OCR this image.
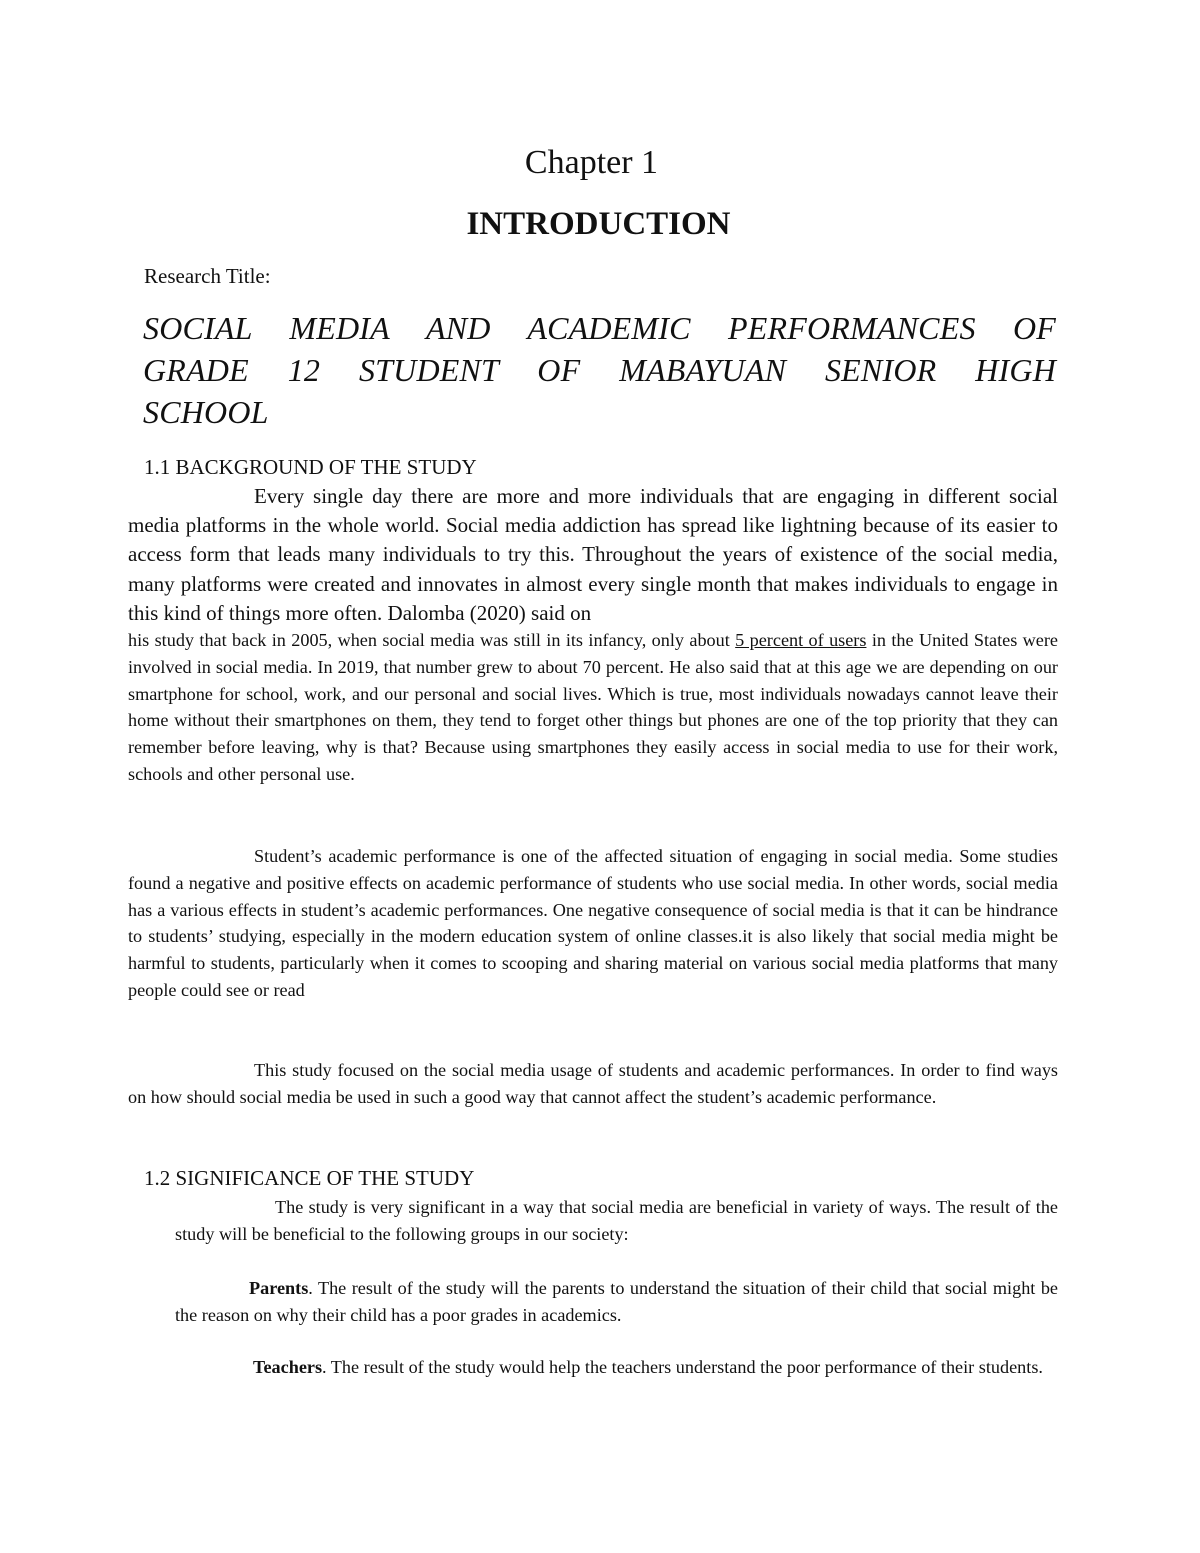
Chapter 1
INTRODUCTION
Research Title:
SOCIAL MEDIA AND ACADEMIC PERFORMANCES OF
GRADE 12 STUDENT OF MABAYUAN SENIOR HIGH
SCHOOL
1.1 BACKGROUND OF THE STUDY
Every single day there are more and more individuals that are engaging in different social media platforms in the whole world. Social media addiction has spread like lightning because of its easier to access form that leads many individuals to try this. Throughout the years of existence of the social media, many platforms were created and innovates in almost every single month that makes individuals to engage in this kind of things more often. Dalomba (2020) said on
his study that back in 2005, when social media was still in its infancy, only about 5 percent of users in the United States were involved in social media. In 2019, that number grew to about 70 percent. He also said that at this age we are depending on our smartphone for school, work, and our personal and social lives. Which is true, most individuals nowadays cannot leave their home without their smartphones on them, they tend to forget other things but phones are one of the top priority that they can remember before leaving, why is that? Because using smartphones they easily access in social media to use for their work, schools and other personal use.
Student’s academic performance is one of the affected situation of engaging in social media. Some studies found a negative and positive effects on academic performance of students who use social media. In other words, social media has a various effects in student’s academic performances. One negative consequence of social media is that it can be hindrance to students’ studying, especially in the modern education system of online classes.it is also likely that social media might be harmful to students, particularly when it comes to scooping and sharing material on various social media platforms that many people could see or read
This study focused on the social media usage of students and academic performances. In order to find ways on how should social media be used in such a good way that cannot affect the student’s academic performance.
1.2 SIGNIFICANCE OF THE STUDY
The study is very significant in a way that social media are beneficial in variety of ways. The result of the study will be beneficial to the following groups in our society:
Parents. The result of the study will the parents to understand the situation of their child that social might be the reason on why their child has a poor grades in academics.
Teachers. The result of the study would help the teachers understand the poor performance of their students.
